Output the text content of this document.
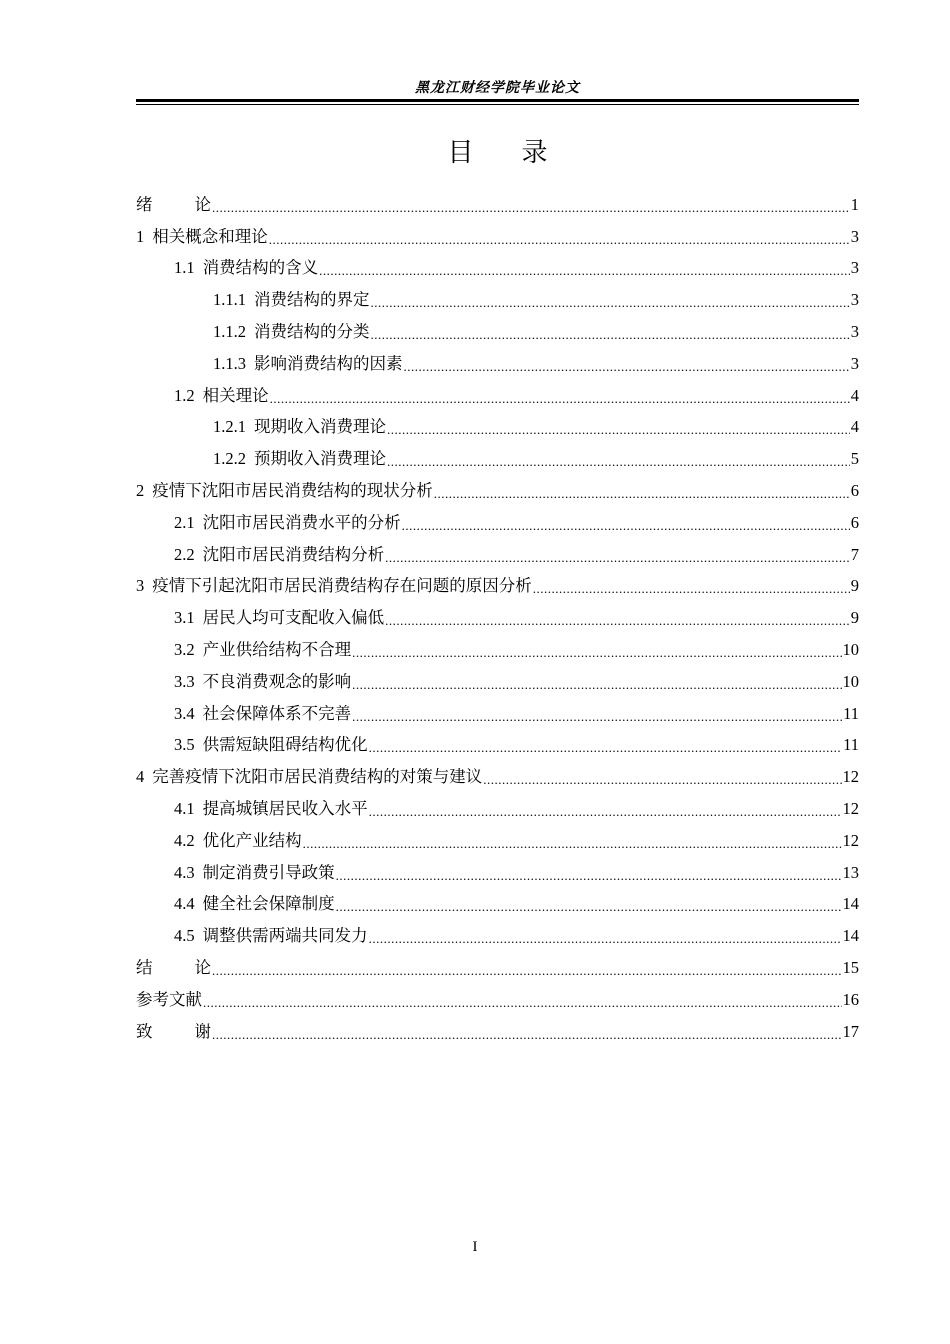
黑龙江财经学院毕业论文
目录
绪论 .....	1
1 相关概念和理论 .....	3
1.1 消费结构的含义 .....	3
1.1.1 消费结构的界定 .....	3
1.1.2 消费结构的分类 .....	3
1.1.3 影响消费结构的因素 .....	3
1.2 相关理论 .....	4
1.2.1 现期收入消费理论 .....	4
1.2.2 预期收入消费理论 .....	5
2 疫情下沈阳市居民消费结构的现状分析 .....	6
2.1 沈阳市居民消费水平的分析 .....	6
2.2 沈阳市居民消费结构分析 .....	7
3 疫情下引起沈阳市居民消费结构存在问题的原因分析 .....	9
3.1 居民人均可支配收入偏低 .....	9
3.2 产业供给结构不合理 .....	10
3.3 不良消费观念的影响 .....	10
3.4 社会保障体系不完善 .....	11
3.5 供需短缺阻碍结构优化 .....	11
4 完善疫情下沈阳市居民消费结构的对策与建议 .....	12
4.1 提高城镇居民收入水平 .....	12
4.2 优化产业结构 .....	12
4.3 制定消费引导政策 .....	13
4.4 健全社会保障制度 .....	14
4.5 调整供需两端共同发力 .....	14
结论 .....	15
参考文献 .....	16
致谢 .....	17
I
